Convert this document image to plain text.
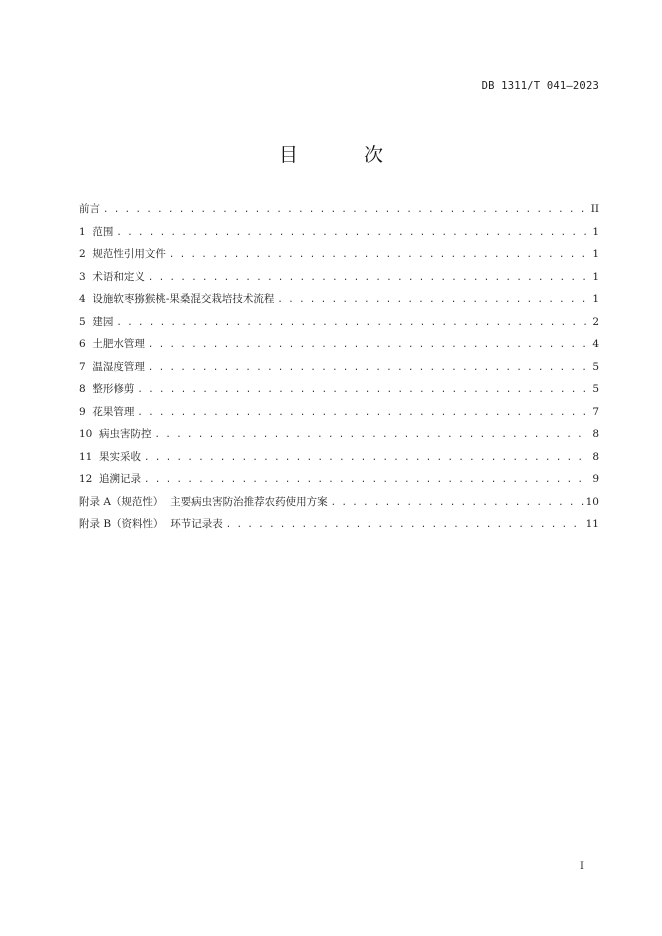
DB 1311/T 041—2023
目 次
前言 . . .	II
1 范围 . . .	1
2 规范性引用文件 . . .	1
3 术语和定义 . . .	1
4 设施软枣猕猴桃-果桑混交栽培技术流程 . . .	1
5 建园 . . .	2
6 土肥水管理 . . .	4
7 温湿度管理 . . .	5
8 整形修剪 . . .	5
9 花果管理 . . .	7
10 病虫害防控 . . .	8
11 果实采收 . . .	8
12 追溯记录 . . .	9
附录 A（规范性）  主要病虫害防治推荐农药使用方案 . . .	10
附录 B（资料性）  环节记录表 . . .	11
I
